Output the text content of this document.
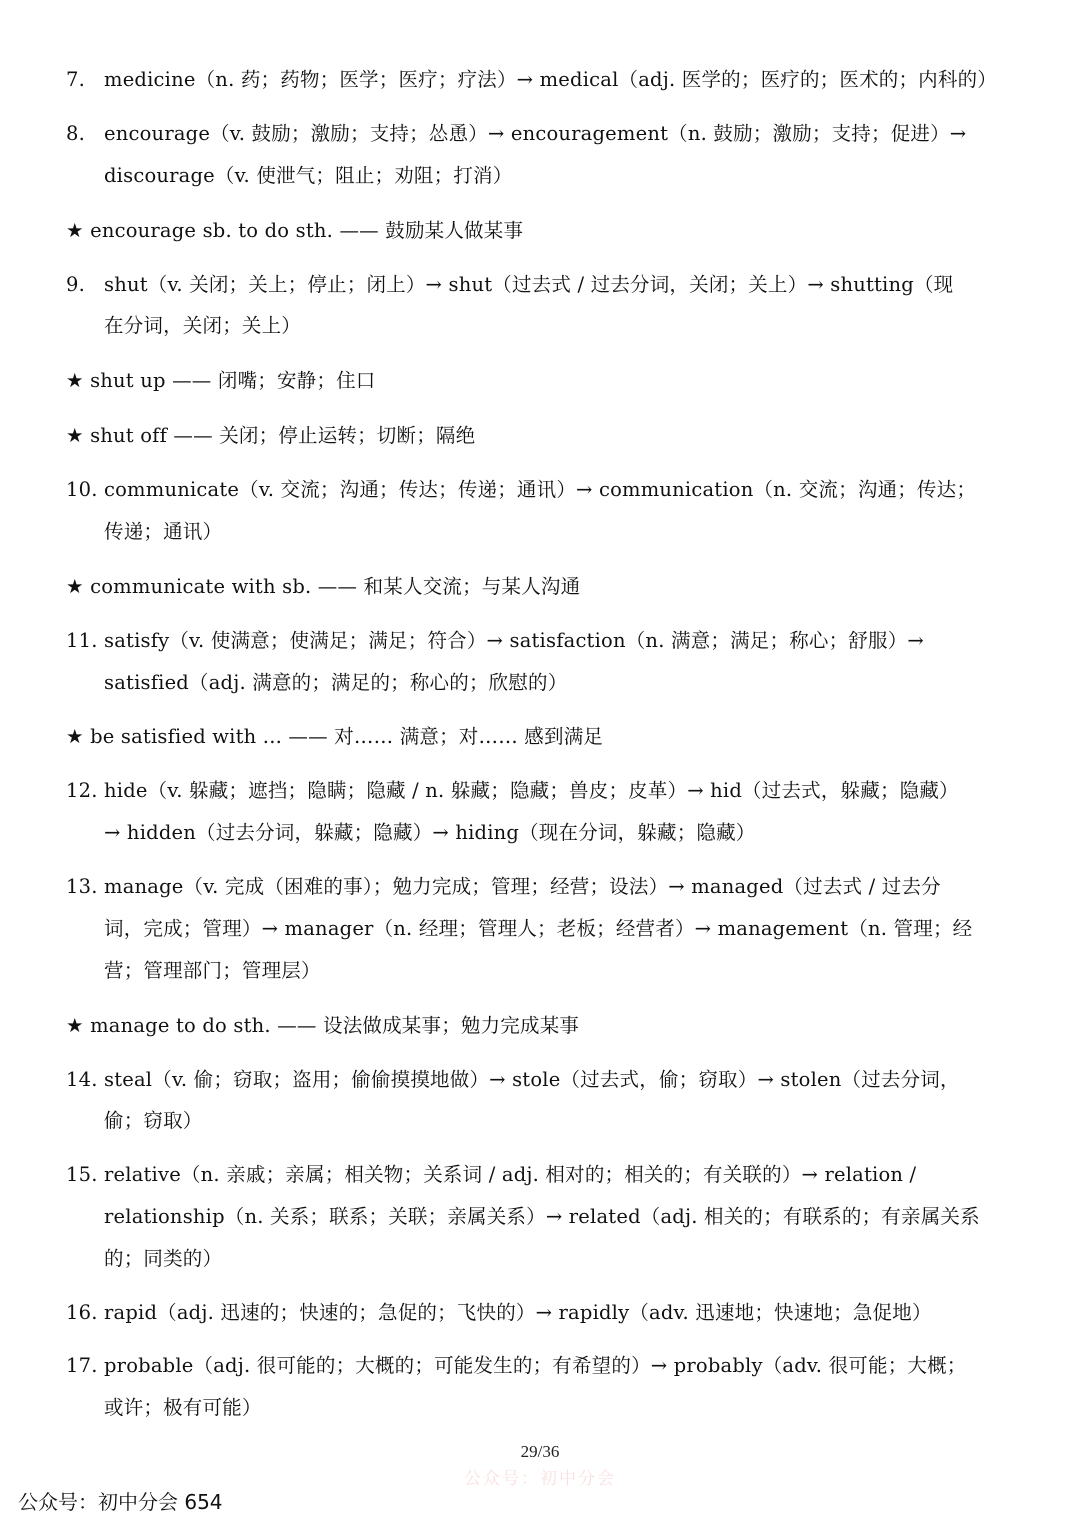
7. medicine（n. 药；药物；医学；医疗；疗法）→ medical（adj. 医学的；医疗的；医术的；内科的）
8. encourage（v. 鼓励；激励；支持；怂恿）→ encouragement（n. 鼓励；激励；支持；促进）→
discourage（v. 使泄气；阻止；劝阻；打消）
★ encourage sb. to do sth. —— 鼓励某人做某事
9. shut（v. 关闭；关上；停止；闭上）→ shut（过去式 / 过去分词，关闭；关上）→ shutting（现
在分词，关闭；关上）
★ shut up —— 闭嘴；安静；住口
★ shut off —— 关闭；停止运转；切断；隔绝
10. communicate（v. 交流；沟通；传达；传递；通讯）→ communication（n. 交流；沟通；传达；
传递；通讯）
★ communicate with sb. —— 和某人交流；与某人沟通
11. satisfy（v. 使满意；使满足；满足；符合）→ satisfaction（n. 满意；满足；称心；舒服）→
satisfied（adj. 满意的；满足的；称心的；欣慰的）
★ be satisfied with ... —— 对…… 满意；对…… 感到满足
12. hide（v. 躲藏；遮挡；隐瞒；隐藏 / n. 躲藏；隐藏；兽皮；皮革）→ hid（过去式，躲藏；隐藏）
→ hidden（过去分词，躲藏；隐藏）→ hiding（现在分词，躲藏；隐藏）
13. manage（v. 完成（困难的事）；勉力完成；管理；经营；设法）→ managed（过去式 / 过去分
词，完成；管理）→ manager（n. 经理；管理人；老板；经营者）→ management（n. 管理；经
营；管理部门；管理层）
★ manage to do sth. —— 设法做成某事；勉力完成某事
14. steal（v. 偷；窃取；盗用；偷偷摸摸地做）→ stole（过去式，偷；窃取）→ stolen（过去分词，
偷；窃取）
15. relative（n. 亲戚；亲属；相关物；关系词 / adj. 相对的；相关的；有关联的）→ relation /
relationship（n. 关系；联系；关联；亲属关系）→ related（adj. 相关的；有联系的；有亲属关系
的；同类的）
16. rapid（adj. 迅速的；快速的；急促的；飞快的）→ rapidly（adv. 迅速地；快速地；急促地）
17. probable（adj. 很可能的；大概的；可能发生的；有希望的）→ probably（adv. 很可能；大概；
或许；极有可能）
29/36
公众号：初中分会
公众号：初中分会 654
